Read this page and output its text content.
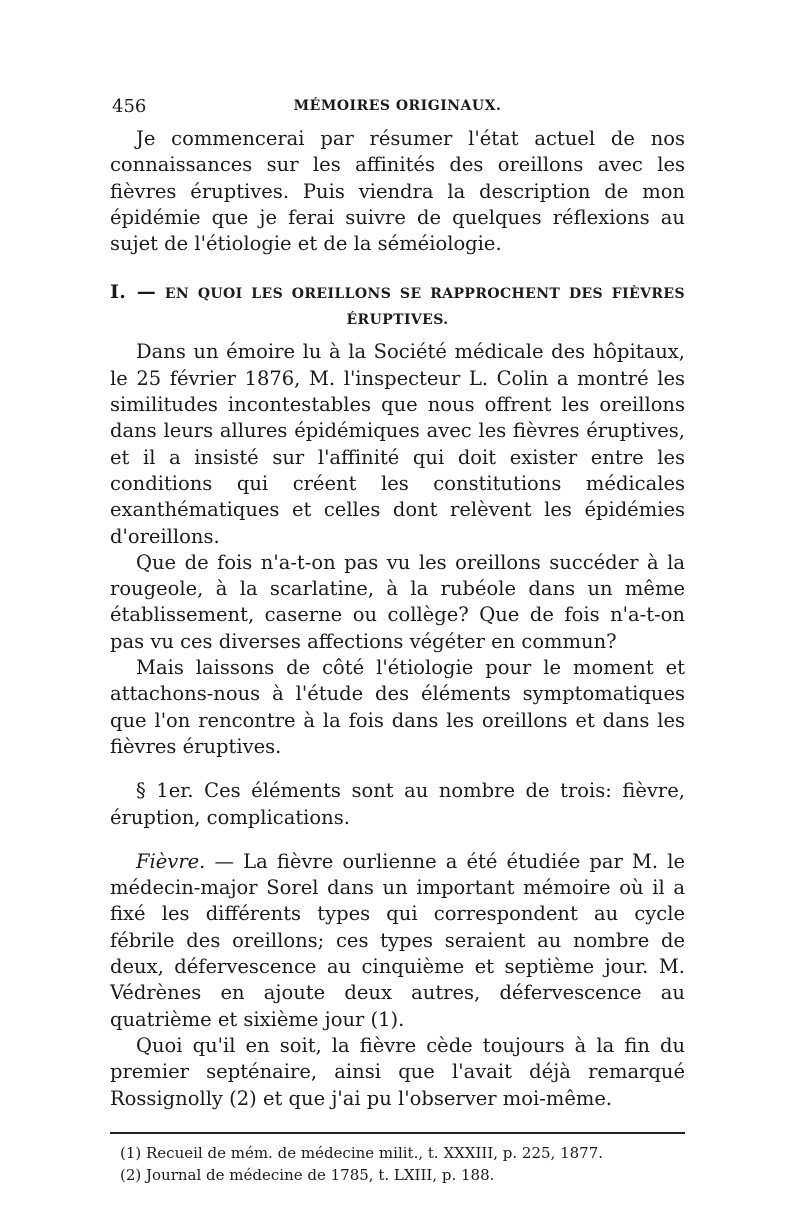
456	MÉMOIRES ORIGINAUX.

Je commencerai par résumer l'état actuel de nos connaissances sur les affinités des oreillons avec les fièvres éruptives. Puis viendra la description de mon épidémie que je ferai suivre de quelques réflexions au sujet de l'étiologie et de la séméiologie.

I. — EN QUOI LES OREILLONS SE RAPPROCHENT DES FIÈVRES
ÉRUPTIVES.

Dans un émoire lu à la Société médicale des hôpitaux, le 25 février 1876, M. l'inspecteur L. Colin a montré les similitudes incontestables que nous offrent les oreillons dans leurs allures épidémiques avec les fièvres éruptives, et il a insisté sur l'affinité qui doit exister entre les conditions qui créent les constitutions médicales exanthématiques et celles dont relèvent les épidémies d'oreillons.

Que de fois n'a-t-on pas vu les oreillons succéder à la rougeole, à la scarlatine, à la rubéole dans un même établissement, caserne ou collège? Que de fois n'a-t-on pas vu ces diverses affections végéter en commun?

Mais laissons de côté l'étiologie pour le moment et attachons-nous à l'étude des éléments symptomatiques que l'on rencontre à la fois dans les oreillons et dans les fièvres éruptives.

§ 1er. Ces éléments sont au nombre de trois: fièvre, éruption, complications.

Fièvre. — La fièvre ourlienne a été étudiée par M. le médecin-major Sorel dans un important mémoire où il a fixé les différents types qui correspondent au cycle fébrile des oreillons; ces types seraient au nombre de deux, défervescence au cinquième et septième jour. M. Védrènes en ajoute deux autres, défervescence au quatrième et sixième jour (1).

Quoi qu'il en soit, la fièvre cède toujours à la fin du premier septénaire, ainsi que l'avait déjà remarqué Rossignolly (2) et que j'ai pu l'observer moi-même.

(1) Recueil de mém. de médecine milit., t. XXXIII, p. 225, 1877.

(2) Journal de médecine de 1785, t. LXIII, p. 188.
